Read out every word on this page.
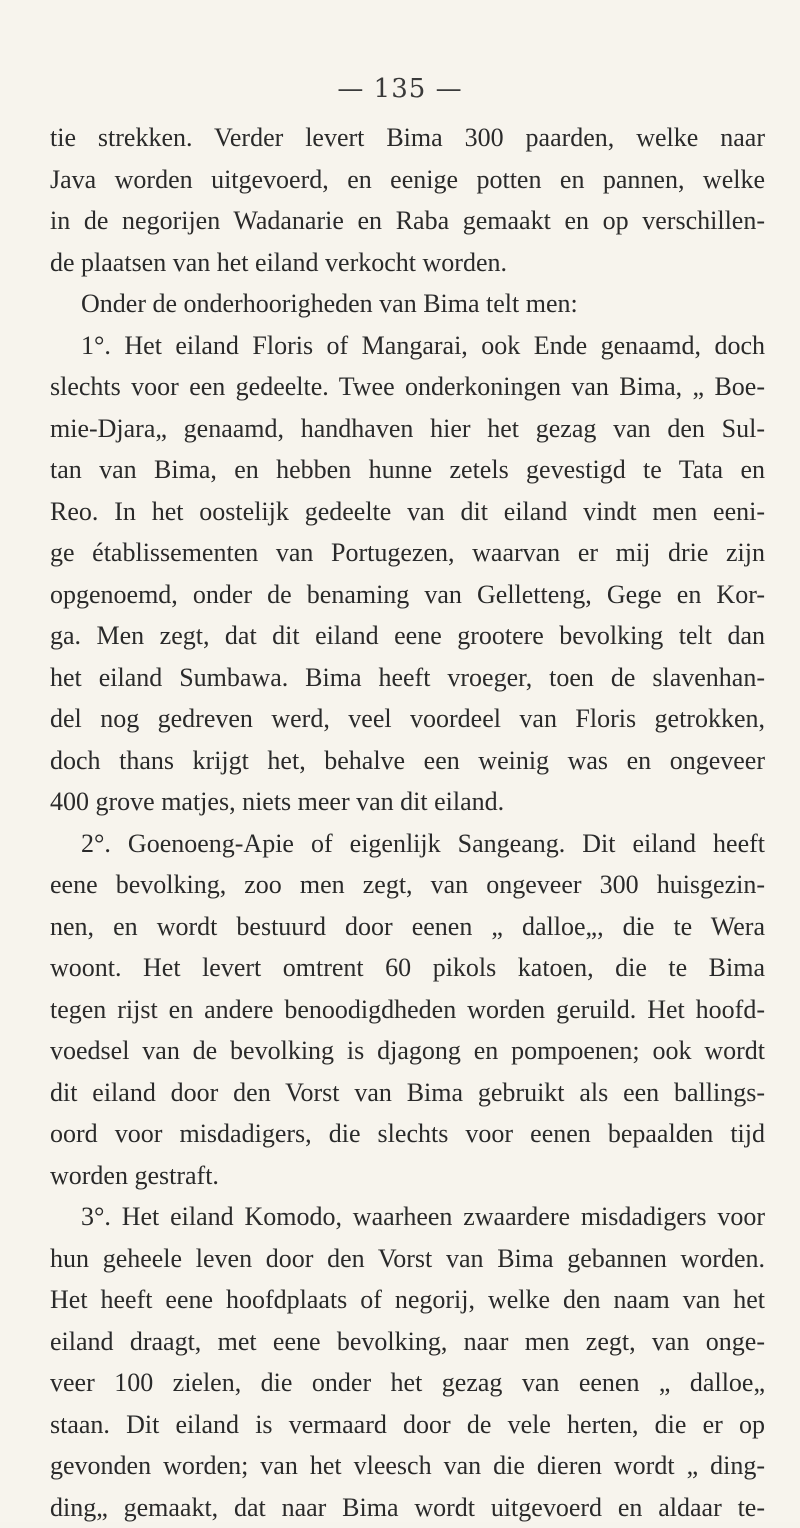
— 135 —
tie strekken. Verder levert Bima 300 paarden, welke naar
Java worden uitgevoerd, en eenige potten en pannen, welke
in de negorijen Wadanarie en Raba gemaakt en op verschillen-
de plaatsen van het eiland verkocht worden.
Onder de onderhoorigheden van Bima telt men:
1°. Het eiland Floris of Mangarai, ook Ende genaamd, doch
slechts voor een gedeelte. Twee onderkoningen van Bima, „ Boe-
mie-Djara„ genaamd, handhaven hier het gezag van den Sul-
tan van Bima, en hebben hunne zetels gevestigd te Tata en
Reo. In het oostelijk gedeelte van dit eiland vindt men eeni-
ge établissementen van Portugezen, waarvan er mij drie zijn
opgenoemd, onder de benaming van Gelletteng, Gege en Kor-
ga. Men zegt, dat dit eiland eene grootere bevolking telt dan
het eiland Sumbawa. Bima heeft vroeger, toen de slavenhan-
del nog gedreven werd, veel voordeel van Floris getrokken,
doch thans krijgt het, behalve een weinig was en ongeveer
400 grove matjes, niets meer van dit eiland.
2°. Goenoeng-Apie of eigenlijk Sangeang. Dit eiland heeft
eene bevolking, zoo men zegt, van ongeveer 300 huisgezin-
nen, en wordt bestuurd door eenen „ dalloe„, die te Wera
woont. Het levert omtrent 60 pikols katoen, die te Bima
tegen rijst en andere benoodigdheden worden geruild. Het hoofd-
voedsel van de bevolking is djagong en pompoenen; ook wordt
dit eiland door den Vorst van Bima gebruikt als een ballings-
oord voor misdadigers, die slechts voor eenen bepaalden tijd
worden gestraft.
3°. Het eiland Komodo, waarheen zwaardere misdadigers voor
hun geheele leven door den Vorst van Bima gebannen worden.
Het heeft eene hoofdplaats of negorij, welke den naam van het
eiland draagt, met eene bevolking, naar men zegt, van onge-
veer 100 zielen, die onder het gezag van eenen „ dalloe„
staan. Dit eiland is vermaard door de vele herten, die er op
gevonden worden; van het vleesch van die dieren wordt „ ding-
ding„ gemaakt, dat naar Bima wordt uitgevoerd en aldaar te-
